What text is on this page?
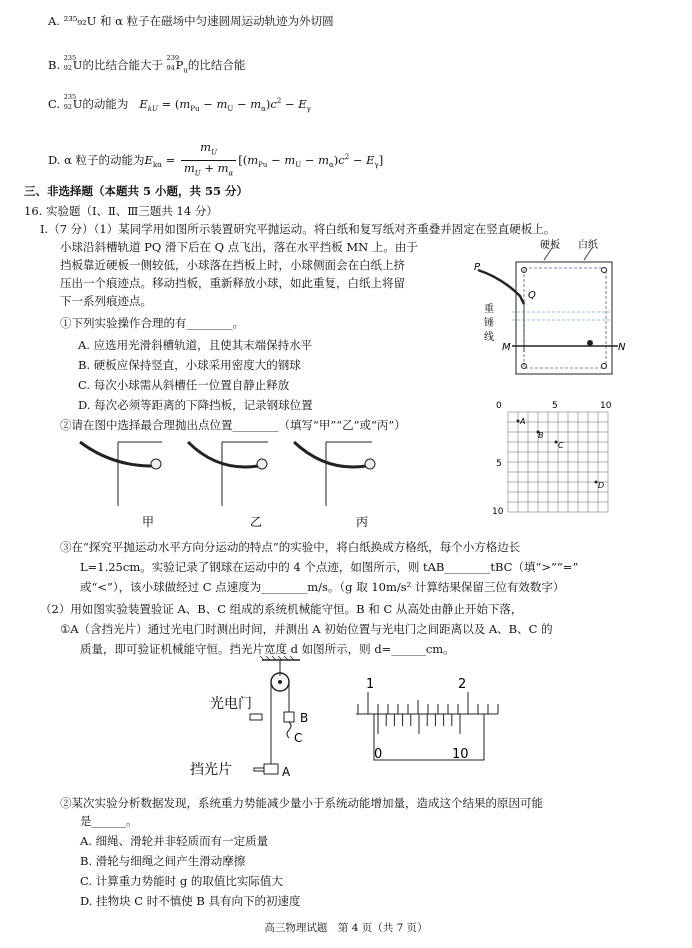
A. ²³⁵₉₂U 和 α 粒子在磁场中匀速圆周运动轨迹为外切圆
B. 235
92 U的比结合能大于 239
94 $P_u$的比结合能
C. 235
92 U的动能为 $E_{kU} = (m_{Pu} - m_U - m_\alpha)c^2 - E_\gamma$
D. α 粒子的动能为$E_{k\alpha} = \frac{m_U}{m_U + m_\alpha} [(m_{Pu} - m_U - m_\alpha)c^2 - E_\gamma]$
三、非选择题（本题共 5 小题，共 55 分）
16. 实验题（Ⅰ、Ⅱ、Ⅲ三题共 14 分）
Ⅰ.（7 分）（1）某同学用如图所示装置研究平抛运动。将白纸和复写纸对齐重叠并固定在竖直硬板上。
小球沿斜槽轨道 PQ 滑下后在 Q 点飞出，落在水平挡板 MN 上。由于
挡板靠近硬板一侧较低，小球落在挡板上时，小球侧面会在白纸上挤
压出一个痕迹点。移动挡板，重新释放小球，如此重复，白纸上将留
下一系列痕迹点。
①下列实验操作合理的有________。
A. 应选用光滑斜槽轨道，且使其末端保持水平
B. 硬板应保持竖直，小球采用密度大的钢球
C. 每次小球需从斜槽任一位置自静止释放
D. 每次必须等距离的下降挡板，记录钢球位置
②请在图中选择最合理抛出点位置________（填写“甲”“乙”或“丙”）
硬板 白纸
P
Q
重
锤
线
M	N
甲	乙	丙
0	5	10
5
10
A
B
C
D
③在“探究平抛运动水平方向分运动的特点”的实验中，将白纸换成方格纸，每个小方格边长
L=1.25cm。实验记录了钢球在运动中的 4 个点迹，如图所示，则 tAB________tBC（填“>”“=”
或“<”），该小球做经过 C 点速度为________m/s。（g 取 10m/s² 计算结果保留三位有效数字）
（2）用如图实验装置验证 A、B、C 组成的系统机械能守恒。B 和 C 从高处由静止开始下落，
①A（含挡光片）通过光电门时测出时间，并测出 A 初始位置与光电门之间距离以及 A、B、C 的
质量，即可验证机械能守恒。挡光片宽度 d 如图所示，则 d=______cm。
B
C
光电门
挡光片	A
1	2
0	10
②某次实验分析数据发现，系统重力势能减少量小于系统动能增加量，造成这个结果的原因可能
是______。
A. 细绳、滑轮并非轻质而有一定质量
B. 滑轮与细绳之间产生滑动摩擦
C. 计算重力势能时 g 的取值比实际值大
D. 挂物块 C 时不慎使 B 具有向下的初速度
高三物理试题　第 4 页（共 7 页）
